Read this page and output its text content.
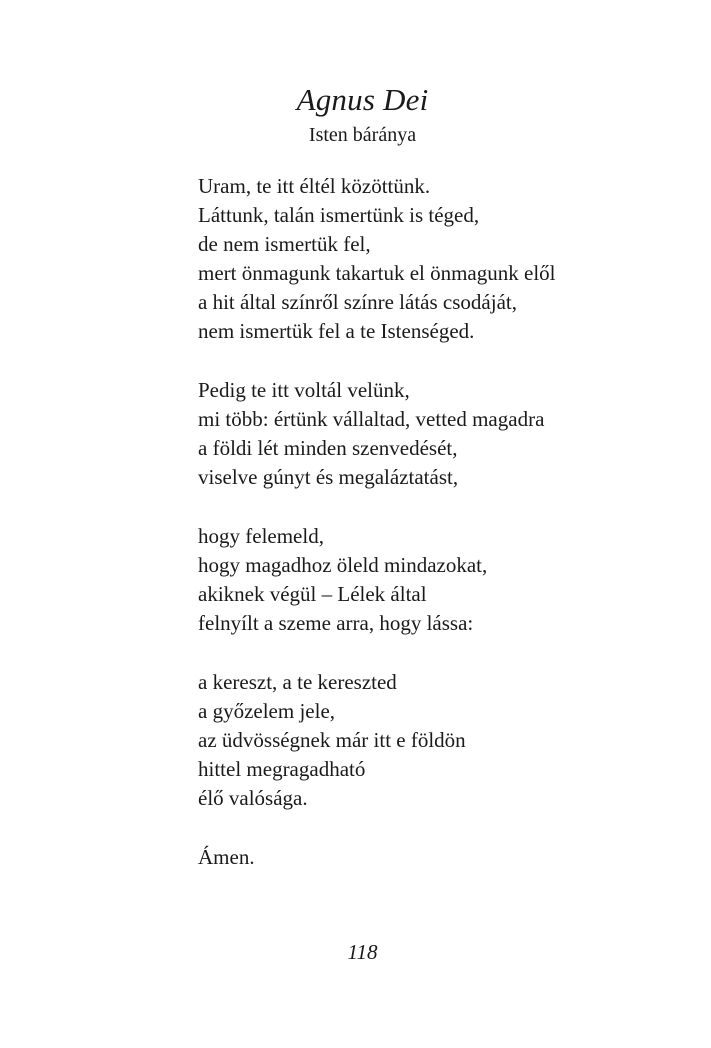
Agnus Dei
Isten báránya
Uram, te itt éltél közöttünk.
Láttunk, talán ismertünk is téged,
de nem ismertük fel,
mert önmagunk takartuk el önmagunk elől
a hit által színről színre látás csodáját,
nem ismertük fel a te Istenséged.
Pedig te itt voltál velünk,
mi több: értünk vállaltad, vetted magadra
a földi lét minden szenvedését,
viselve gúnyt és megaláztatást,
hogy felemeld,
hogy magadhoz öleld mindazokat,
akiknek végül – Lélek által
felnyílt a szeme arra, hogy lássa:
a kereszt, a te kereszted
a győzelem jele,
az üdvösségnek már itt e földön
hittel megragadható
élő valósága.
Ámen.
118
